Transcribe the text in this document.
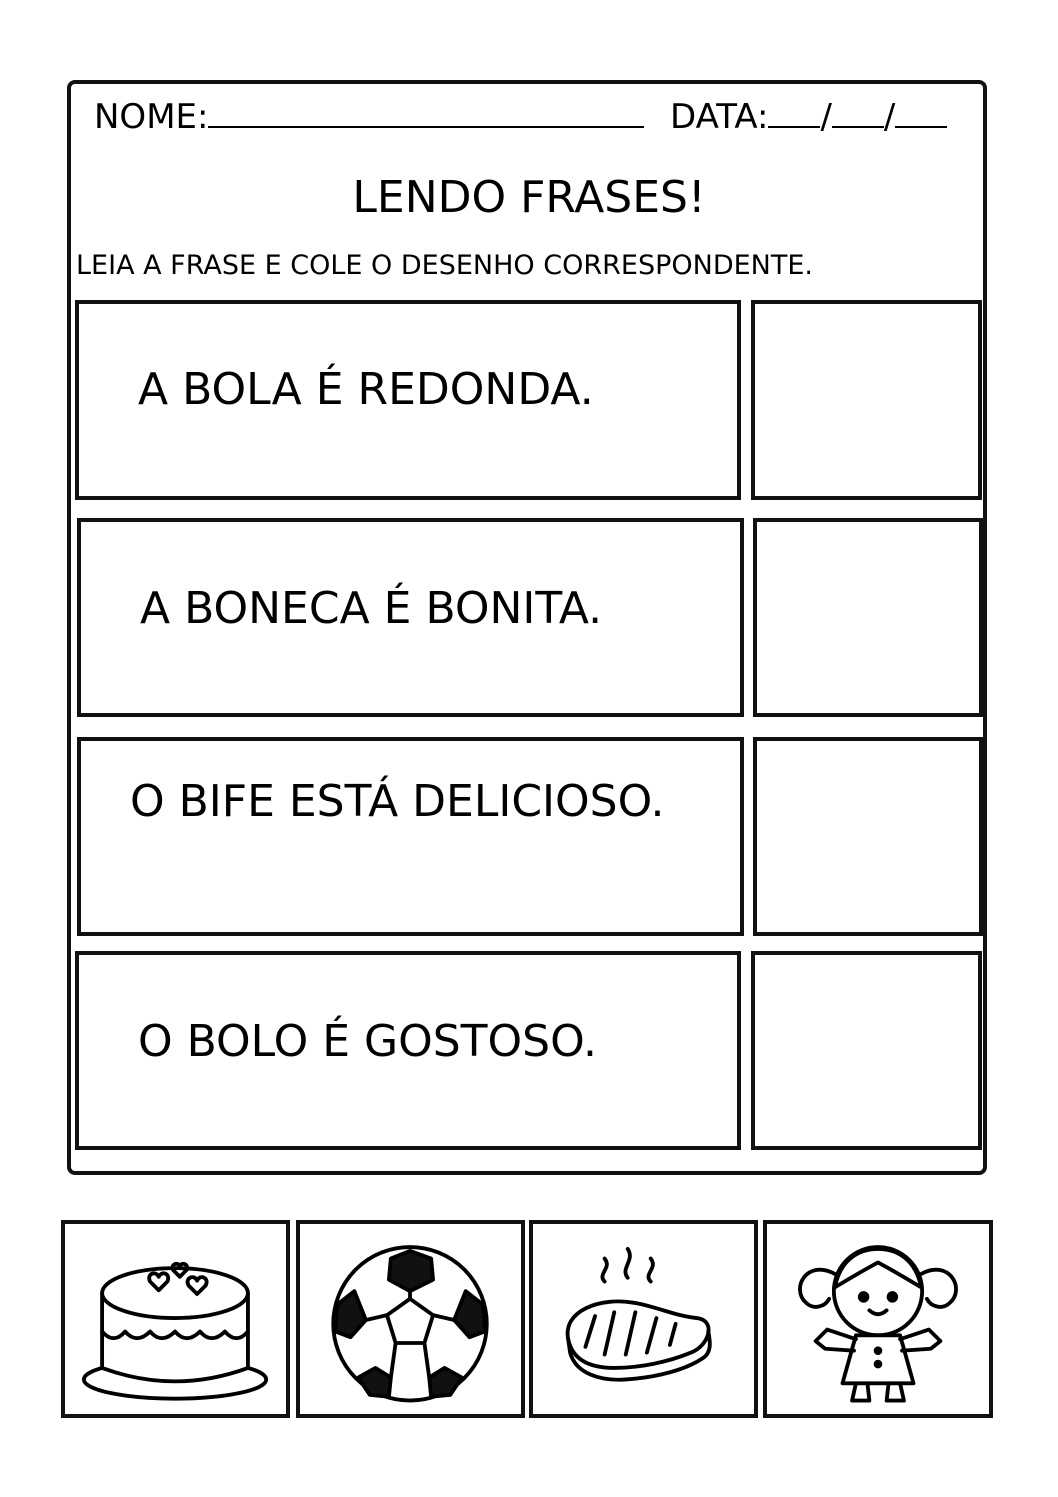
NOME:	DATA: / /
LENDO FRASES!
LEIA A FRASE E COLE O DESENHO CORRESPONDENTE.
A BOLA É REDONDA.
A BONECA É BONITA.
O BIFE ESTÁ DELICIOSO.
O BOLO É GOSTOSO.
